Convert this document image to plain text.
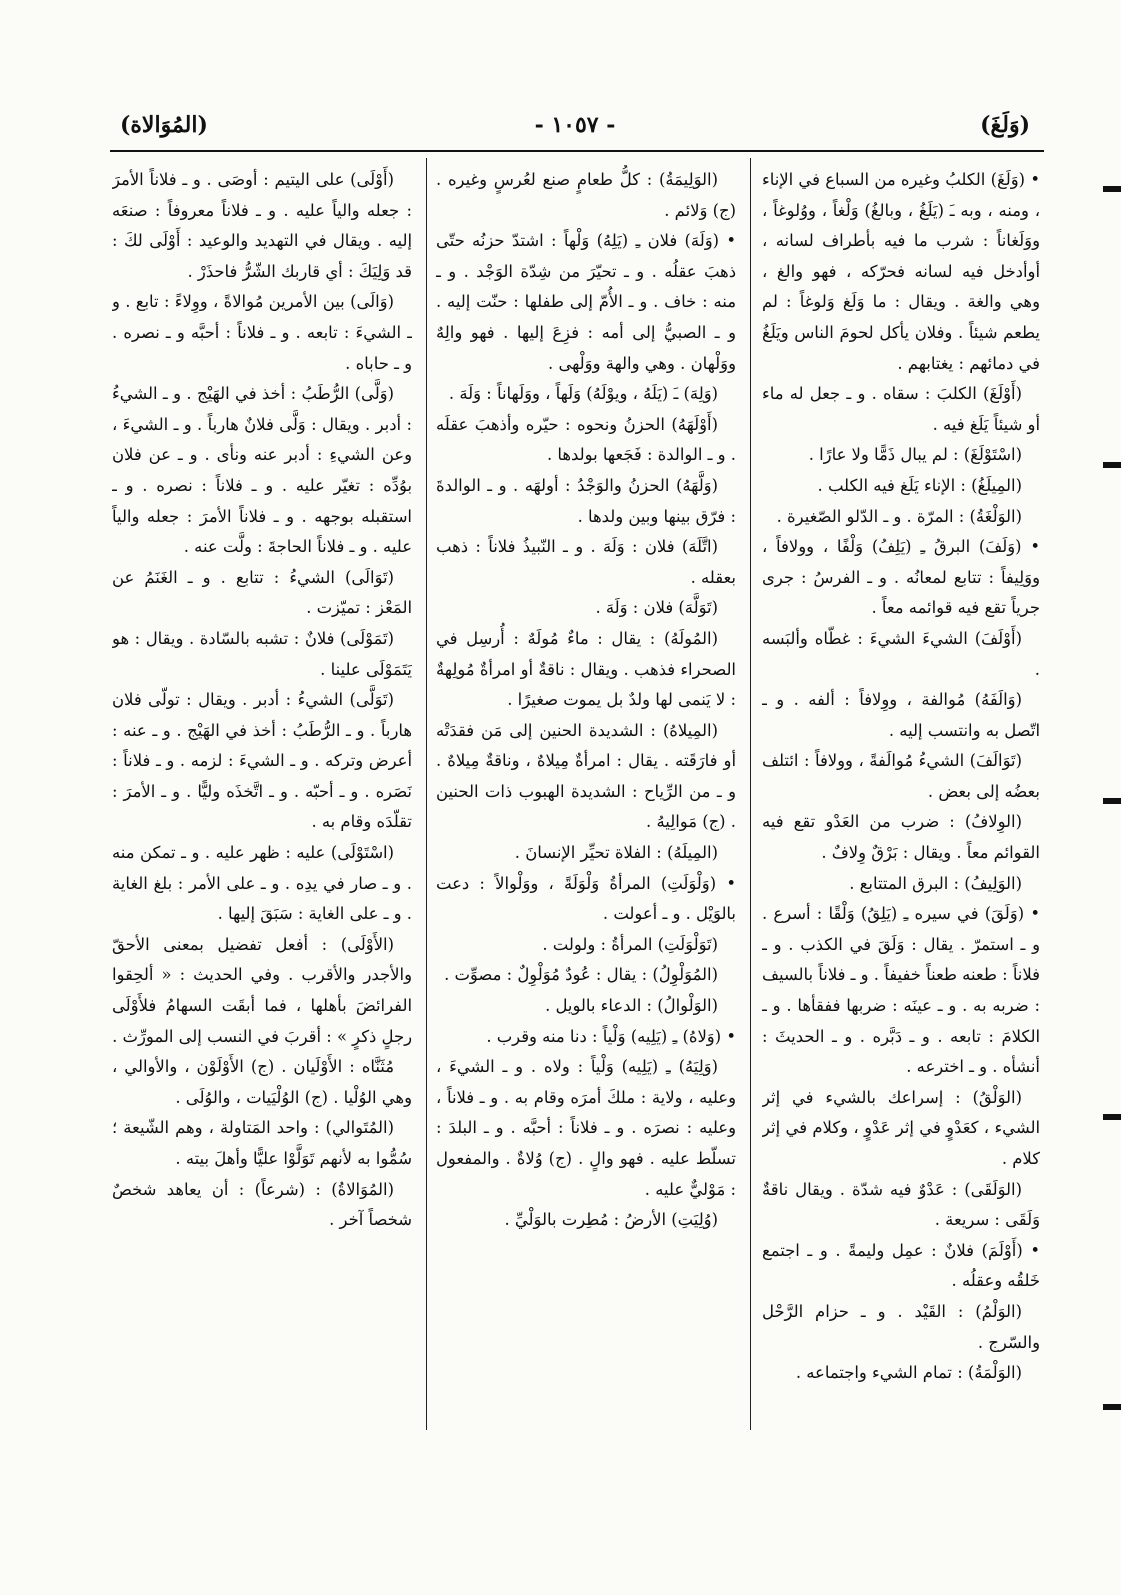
(وَلَغَ)
- ١٠٥٧ -
(المُوَالاة)

• (وَلَغَ) الكلبُ وغيره من السباع في الإناء ، ومنه ، وبه ـَ (يَلَغُ ، وبالغُ) وَلْغاً ، ووُلوغاً ، ووَلَغاناً : شرب ما فيه بأطراف لسانه ، أوأدخل فيه لسانه فحرّكه ، فهو والغ ، وهي والغة . ويقال : ما وَلَغ وَلوغاً : لم يطعم شيئاً . وفلان يأكل لحومَ الناس ويَلَغُ في دمائهم : يغتابهم .

(أَوْلَغَ) الكلبَ : سقاه . و ـ جعل له ماء أو شيئاً يَلَغ فيه .

(اسْتَوْلَغَ) : لم يبال ذَمًّا ولا عارًا .

(المِيلَغُ) : الإناء يَلَغ فيه الكلب .

(الوَلْغَةُ) : المرّة . و ـ الدّلو الصّغيرة .

• (وَلَفَ) البرقُ ـِ (يَلِفُ) وَلْفًا ، وولافاً ، ووَلِيفاً : تتابع لمعانُه . و ـ الفرسُ : جرى جرياً تقع فيه قوائمه معاً .

(أَوْلَفَ) الشيءَ الشيءَ : غطّاه وألبَسه .

(وَالَفَهُ) مُوالفة ، ووِلافاً : ألفه . و ـ اتّصل به وانتسب إليه .

(تَوَالَفَ) الشيءُ مُوالَفةً ، وولافاً : ائتلف بعضُه إلى بعض .

(الوِلافُ) : ضرب من العَدْو تقع فيه القوائم معاً . ويقال : بَرْقٌ وِلافٌ .

(الوَلِيفُ) : البرق المتتابع .

• (وَلَقَ) في سيره ـِ (يَلِقُ) وَلْقًا : أسرع . و ـ استمرّ . يقال : وَلَقَ في الكذب . و ـ فلاناً : طعنه طعناً خفيفاً . و ـ فلاناً بالسيف : ضربه به . و ـ عينَه : ضربها ففقأها . و ـ الكلامَ : تابعه . و ـ دَبَّره . و ـ الحديثَ : أنشأه . و ـ اخترعه .

(الوَلْقُ) : إسراعك بالشيء في إثر الشيء ، كعَدْوٍ في إثر عَدْوٍ ، وكلام في إثر كلام .

(الوَلَقَى) : عَدْوٌ فيه شدّة . ويقال ناقةٌ وَلَقَى : سريعة .

• (أَوْلَمَ) فلانٌ : عمِل وليمةً . و ـ اجتمع خَلقُه وعقلُه .

(الوَلْمُ) : القَيْد . و ـ حزام الرَّحْل والسّرج .

(الوَلْمَةُ) : تمام الشيء واجتماعه .

(الوَلِيمَةُ) : كلُّ طعامٍ صنع لعُرسٍ وغيره . (ج) وَلائم .

• (وَلَهَ) فلان ـِ (يَلِهُ) وَلْهاً : اشتدّ حزنُه حتّى ذهبَ عقلُه . و ـ تحيّرَ من شِدّة الوَجْد . و ـ منه : خاف . و ـ الأُمّ إلى طفلها : حنّت إليه . و ـ الصبيُّ إلى أمه : فزِعَ إليها . فهو والِهٌ ووَلْهان . وهي والهة ووَلْهى .

(وَلِهَ) ـَ (يَلَهُ ، ويوْلَهُ) وَلَهاً ، ووَلَهاناً : وَلَهَ .

(أَوْلَهَهُ) الحزنُ ونحوه : حيّره وأذهبَ عقلَه . و ـ الوالدة : فَجَعها بولدها .

(وَلَّهَهُ) الحزنُ والوَجْدُ : أولهَه . و ـ الوالدةَ : فرّق بينها وبين ولدها .

(اتَّلَهَ) فلان : وَلَهَ . و ـ النّبيذُ فلاناً : ذهب بعقله .

(تَوَلَّهَ) فلان : وَلَهَ .

(المُولَهُ) : يقال : ماءٌ مُولَهٌ : أُرسِل في الصحراء فذهب . ويقال : ناقةٌ أو امرأةٌ مُولِهةٌ : لا يَنمى لها ولدٌ بل يموت صغيرًا .

(المِيلاهُ) : الشديدة الحنين إلى مَن فقدَتْه أو فارَقَته . يقال : امرأةٌ مِيلاهٌ ، وناقةٌ مِيلاهٌ . و ـ من الرِّياح : الشديدة الهبوب ذات الحنين . (ج) مَوالِيهُ .

(المِيلَهُ) : الفلاة تحيِّر الإنسانَ .

• (وَلْوَلَتِ) المرأةُ وَلْوَلَةً ، ووَلْوالاً : دعت بالوَيْل . و ـ أعولت .

(تَوَلْوَلَتِ) المرأةُ : ولولت .

(المُوَلْوِلُ) : يقال : عُودٌ مُوَلْوِلٌ : مصوِّت .

(الوَلْوالُ) : الدعاء بالويل .

• (وَلاهُ) ـِ (يَلِيه) وَلْياً : دنا منه وقرب .

(وَلِيَهُ) ـِ (يَلِيه) وَلْياً : ولاه . و ـ الشيءَ ، وعليه ، ولاية : ملكَ أمرَه وقام به . و ـ فلاناً ، وعليه : نصرَه . و ـ فلاناً : أحبَّه . و ـ البلدَ : تسلّط عليه . فهو والٍ . (ج) وُلاةٌ . والمفعول : مَوْليٌّ عليه .

(وُلِيَتِ) الأرضُ : مُطِرت بالوَلْيِّ .

(أَوْلَى) على اليتيم : أوصَى . و ـ فلاناً الأمرَ : جعله والياً عليه . و ـ فلاناً معروفاً : صنعَه إليه . ويقال في التهديد والوعيد : أَوْلَى لكَ : قد وَلِيَكَ : أي قاربك الشّرُّ فاحذَرْ .

(وَالَى) بين الأمرين مُوالاةً ، ووِلاءً : تابع . و ـ الشيءَ : تابعه . و ـ فلاناً : أحبَّه و ـ نصره . و ـ حاباه .

(وَلَّى) الرُّطَبُ : أخذ في الهَيْج . و ـ الشيءُ : أدبر . ويقال : وَلَّى فلانٌ هارباً . و ـ الشيءَ ، وعن الشيءِ : أدبر عنه ونأى . و ـ عن فلان بوُدِّه : تغيّر عليه . و ـ فلاناً : نصره . و ـ استقبله بوجهه . و ـ فلاناً الأمرَ : جعله والياً عليه . و ـ فلاناً الحاجةَ : ولَّت عنه .

(تَوَالَى) الشيءُ : تتابع . و ـ الغَنَمُ عن المَعْز : تميّزت .

(تَمَوْلَى) فلانٌ : تشبه بالسّادة . ويقال : هو يَتَمَوْلَى علينا .

(تَوَلَّى) الشيءُ : أدبر . ويقال : تولّى فلان هارباً . و ـ الرُّطَبُ : أخذ في الهَيْج . و ـ عنه : أعرض وتركه . و ـ الشيءَ : لزمه . و ـ فلاناً : نَصَره . و ـ أحبّه . و ـ اتَّخذَه وليًّا . و ـ الأمرَ : تقلّدَه وقام به .

(اسْتَوْلَى) عليه : ظهر عليه . و ـ تمكن منه . و ـ صار في يدِه . و ـ على الأمر : بلغ الغاية . و ـ على الغاية : سَبَقَ إليها .

(الأَوْلَى) : أفعل تفضيل بمعنى الأحقّ والأجدر والأقرب . وفي الحديث : « ألحِقوا الفرائضَ بأهلها ، فما أبقَت السهامُ فلأَوْلَى رجلٍ ذكرٍ » : أقربَ في النسب إلى المورِّث .

مُثَنَّاه : الأَوْلَيان . (ج) الأَوْلَوْن ، والأوالي ، وهي الوُلْيا . (ج) الوُلْيَيات ، والوُلَى .

(المُتَوالي) : واحد المَتاولة ، وهم الشّيعة ؛ سُمُّوا به لأنهم تَوَلَّوْا عليًّا وأهلَ بيته .

(المُوَالاةُ) : (شرعاً) : أن يعاهد شخصٌ شخصاً آخر .
